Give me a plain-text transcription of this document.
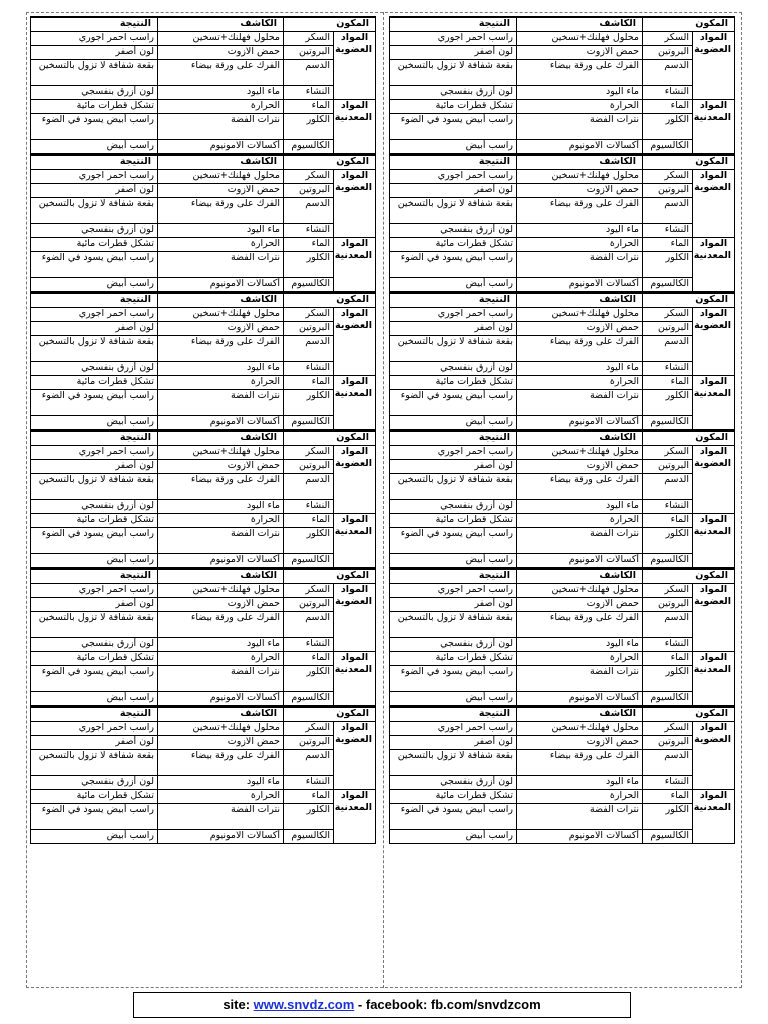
المكون		الكاشف	النتيجة
المواد العضوية	السكر	محلول فهلنك+تسخين	راسب احمر اجوري
	البروتين	حمض الازوت	لون أصفر
	الدسم	الفرك على ورقة بيضاء	بقعة شفافة لا تزول بالتسخين
	النشاء	ماء اليود	لون أزرق بنفسجي
المواد المعدنية	الماء	الحرارة	تشكل قطرات مائية
	الكلور	نترات الفضة	راسب أبيض يسود في الضوء
	الكالسيوم	أكسالات الامونيوم	راسب أبيض
المكون		الكاشف	النتيجة
المواد العضوية	السكر	محلول فهلنك+تسخين	راسب احمر اجوري
	البروتين	حمض الازوت	لون أصفر
	الدسم	الفرك على ورقة بيضاء	بقعة شفافة لا تزول بالتسخين
	النشاء	ماء اليود	لون أزرق بنفسجي
المواد المعدنية	الماء	الحرارة	تشكل قطرات مائية
	الكلور	نترات الفضة	راسب أبيض يسود في الضوء
	الكالسيوم	أكسالات الامونيوم	راسب أبيض
المكون		الكاشف	النتيجة
المواد العضوية	السكر	محلول فهلنك+تسخين	راسب احمر اجوري
	البروتين	حمض الازوت	لون أصفر
	الدسم	الفرك على ورقة بيضاء	بقعة شفافة لا تزول بالتسخين
	النشاء	ماء اليود	لون أزرق بنفسجي
المواد المعدنية	الماء	الحرارة	تشكل قطرات مائية
	الكلور	نترات الفضة	راسب أبيض يسود في الضوء
	الكالسيوم	أكسالات الامونيوم	راسب أبيض
المكون		الكاشف	النتيجة
المواد العضوية	السكر	محلول فهلنك+تسخين	راسب احمر اجوري
	البروتين	حمض الازوت	لون أصفر
	الدسم	الفرك على ورقة بيضاء	بقعة شفافة لا تزول بالتسخين
	النشاء	ماء اليود	لون أزرق بنفسجي
المواد المعدنية	الماء	الحرارة	تشكل قطرات مائية
	الكلور	نترات الفضة	راسب أبيض يسود في الضوء
	الكالسيوم	أكسالات الامونيوم	راسب أبيض
المكون		الكاشف	النتيجة
المواد العضوية	السكر	محلول فهلنك+تسخين	راسب احمر اجوري
	البروتين	حمض الازوت	لون أصفر
	الدسم	الفرك على ورقة بيضاء	بقعة شفافة لا تزول بالتسخين
	النشاء	ماء اليود	لون أزرق بنفسجي
المواد المعدنية	الماء	الحرارة	تشكل قطرات مائية
	الكلور	نترات الفضة	راسب أبيض يسود في الضوء
	الكالسيوم	أكسالات الامونيوم	راسب أبيض
المكون		الكاشف	النتيجة
المواد العضوية	السكر	محلول فهلنك+تسخين	راسب احمر اجوري
	البروتين	حمض الازوت	لون أصفر
	الدسم	الفرك على ورقة بيضاء	بقعة شفافة لا تزول بالتسخين
	النشاء	ماء اليود	لون أزرق بنفسجي
المواد المعدنية	الماء	الحرارة	تشكل قطرات مائية
	الكلور	نترات الفضة	راسب أبيض يسود في الضوء
	الكالسيوم	أكسالات الامونيوم	راسب أبيض
المكون		الكاشف	النتيجة
المواد العضوية	السكر	محلول فهلنك+تسخين	راسب احمر اجوري
	البروتين	حمض الازوت	لون أصفر
	الدسم	الفرك على ورقة بيضاء	بقعة شفافة لا تزول بالتسخين
	النشاء	ماء اليود	لون أزرق بنفسجي
المواد المعدنية	الماء	الحرارة	تشكل قطرات مائية
	الكلور	نترات الفضة	راسب أبيض يسود في الضوء
	الكالسيوم	أكسالات الامونيوم	راسب أبيض
المكون		الكاشف	النتيجة
المواد العضوية	السكر	محلول فهلنك+تسخين	راسب احمر اجوري
	البروتين	حمض الازوت	لون أصفر
	الدسم	الفرك على ورقة بيضاء	بقعة شفافة لا تزول بالتسخين
	النشاء	ماء اليود	لون أزرق بنفسجي
المواد المعدنية	الماء	الحرارة	تشكل قطرات مائية
	الكلور	نترات الفضة	راسب أبيض يسود في الضوء
	الكالسيوم	أكسالات الامونيوم	راسب أبيض
المكون		الكاشف	النتيجة
المواد العضوية	السكر	محلول فهلنك+تسخين	راسب احمر اجوري
	البروتين	حمض الازوت	لون أصفر
	الدسم	الفرك على ورقة بيضاء	بقعة شفافة لا تزول بالتسخين
	النشاء	ماء اليود	لون أزرق بنفسجي
المواد المعدنية	الماء	الحرارة	تشكل قطرات مائية
	الكلور	نترات الفضة	راسب أبيض يسود في الضوء
	الكالسيوم	أكسالات الامونيوم	راسب أبيض
المكون		الكاشف	النتيجة
المواد العضوية	السكر	محلول فهلنك+تسخين	راسب احمر اجوري
	البروتين	حمض الازوت	لون أصفر
	الدسم	الفرك على ورقة بيضاء	بقعة شفافة لا تزول بالتسخين
	النشاء	ماء اليود	لون أزرق بنفسجي
المواد المعدنية	الماء	الحرارة	تشكل قطرات مائية
	الكلور	نترات الفضة	راسب أبيض يسود في الضوء
	الكالسيوم	أكسالات الامونيوم	راسب أبيض
المكون		الكاشف	النتيجة
المواد العضوية	السكر	محلول فهلنك+تسخين	راسب احمر اجوري
	البروتين	حمض الازوت	لون أصفر
	الدسم	الفرك على ورقة بيضاء	بقعة شفافة لا تزول بالتسخين
	النشاء	ماء اليود	لون أزرق بنفسجي
المواد المعدنية	الماء	الحرارة	تشكل قطرات مائية
	الكلور	نترات الفضة	راسب أبيض يسود في الضوء
	الكالسيوم	أكسالات الامونيوم	راسب أبيض
المكون		الكاشف	النتيجة
المواد العضوية	السكر	محلول فهلنك+تسخين	راسب احمر اجوري
	البروتين	حمض الازوت	لون أصفر
	الدسم	الفرك على ورقة بيضاء	بقعة شفافة لا تزول بالتسخين
	النشاء	ماء اليود	لون أزرق بنفسجي
المواد المعدنية	الماء	الحرارة	تشكل قطرات مائية
	الكلور	نترات الفضة	راسب أبيض يسود في الضوء
	الكالسيوم	أكسالات الامونيوم	راسب أبيض
site: www.snvdz.com - facebook: fb.com/snvdzcom
